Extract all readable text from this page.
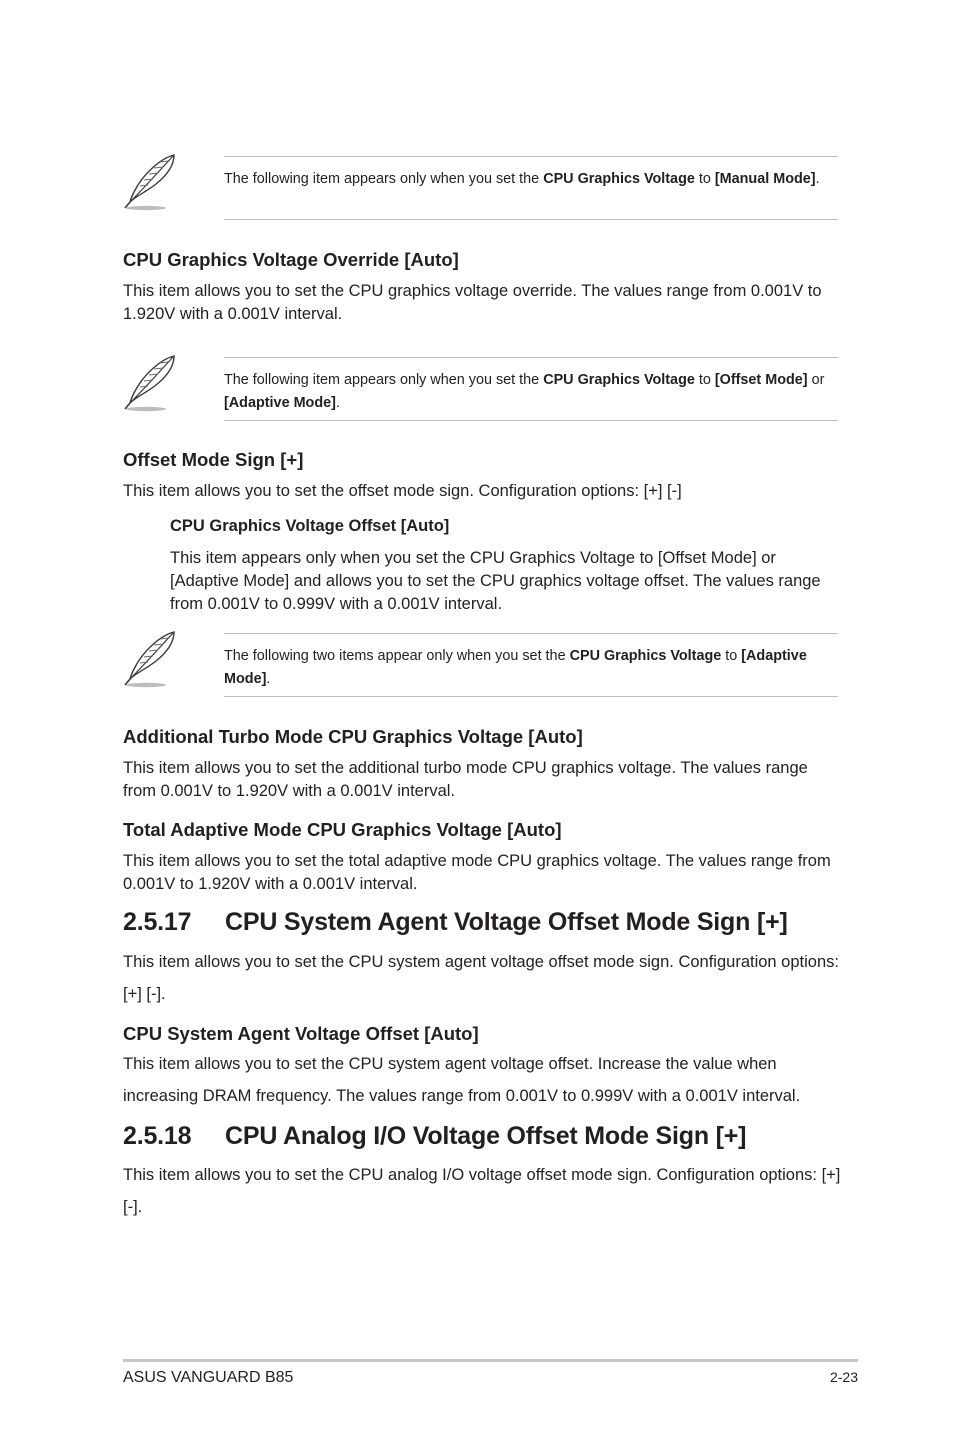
The following item appears only when you set the CPU Graphics Voltage to [Manual Mode].
CPU Graphics Voltage Override [Auto]

This item allows you to set the CPU graphics voltage override. The values range from 0.001V to 1.920V with a 0.001V interval.

The following item appears only when you set the CPU Graphics Voltage to [Offset Mode] or [Adaptive Mode].
Offset Mode Sign [+]

This item allows you to set the offset mode sign. Configuration options: [+] [-]

CPU Graphics Voltage Offset [Auto]

This item appears only when you set the CPU Graphics Voltage to [Offset Mode] or [Adaptive Mode] and allows you to set the CPU graphics voltage offset. The values range from 0.001V to 0.999V with a 0.001V interval.

The following two items appear only when you set the CPU Graphics Voltage to [Adaptive Mode].
Additional Turbo Mode CPU Graphics Voltage [Auto]

This item allows you to set the additional turbo mode CPU graphics voltage. The values range from 0.001V to 1.920V with a 0.001V interval.

Total Adaptive Mode CPU Graphics Voltage [Auto]

This item allows you to set the total adaptive mode CPU graphics voltage. The values range from 0.001V to 1.920V with a 0.001V interval.

2.5.17 CPU System Agent Voltage Offset Mode Sign [+]

This item allows you to set the CPU system agent voltage offset mode sign. Configuration options: [+] [-].

CPU System Agent Voltage Offset [Auto]

This item allows you to set the CPU system agent voltage offset. Increase the value when increasing DRAM frequency. The values range from 0.001V to 0.999V with a 0.001V interval.

2.5.18 CPU Analog I/O Voltage Offset Mode Sign [+]

This item allows you to set the CPU analog I/O voltage offset mode sign. Configuration options: [+] [-].

ASUS VANGUARD B85	2-23
